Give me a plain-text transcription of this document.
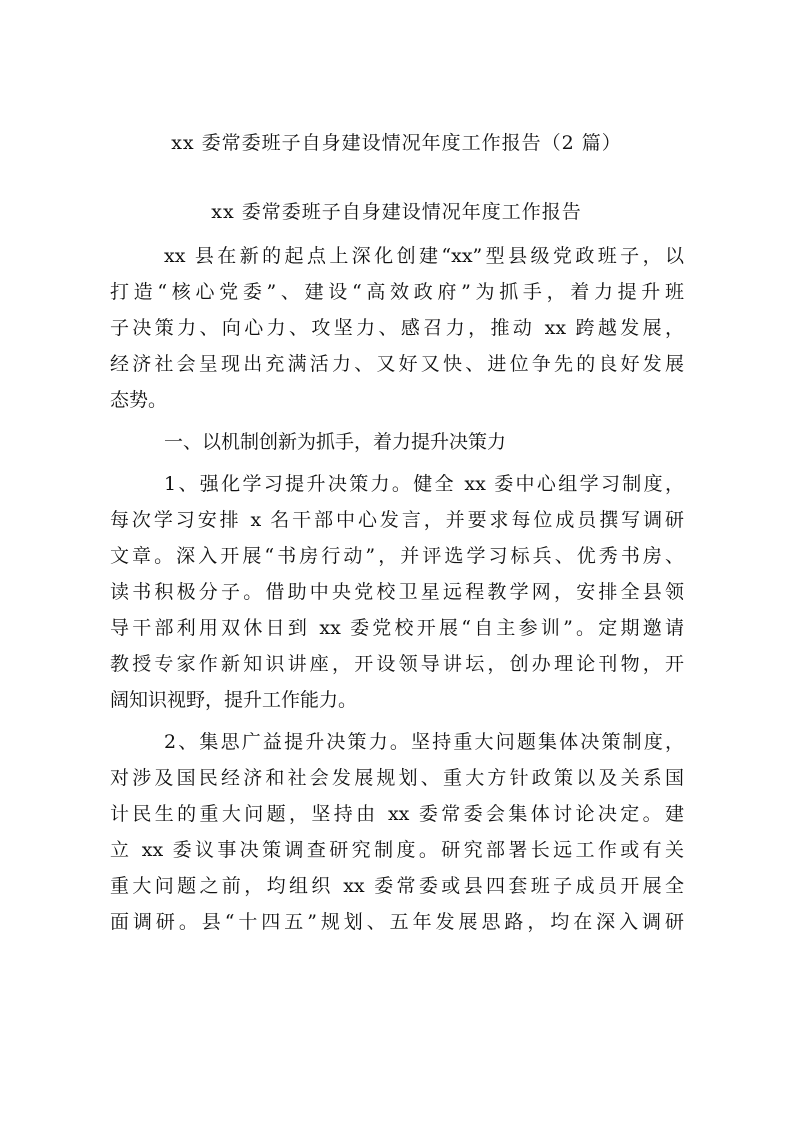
xx 委常委班子自身建设情况年度工作报告（2 篇）
xx 委常委班子自身建设情况年度工作报告
xx 县在新的起点上深化创建“xx”型县级党政班子，以
打造“核心党委”、建设“高效政府”为抓手，着力提升班
子决策力、向心力、攻坚力、感召力，推动 xx 跨越发展，
经济社会呈现出充满活力、又好又快、进位争先的良好发展
态势。
一、以机制创新为抓手，着力提升决策力
1、强化学习提升决策力。健全 xx 委中心组学习制度，
每次学习安排 x 名干部中心发言，并要求每位成员撰写调研
文章。深入开展“书房行动”，并评选学习标兵、优秀书房、
读书积极分子。借助中央党校卫星远程教学网，安排全县领
导干部利用双休日到 xx 委党校开展“自主参训”。定期邀请
教授专家作新知识讲座，开设领导讲坛，创办理论刊物，开
阔知识视野，提升工作能力。
2、集思广益提升决策力。坚持重大问题集体决策制度，
对涉及国民经济和社会发展规划、重大方针政策以及关系国
计民生的重大问题，坚持由 xx 委常委会集体讨论决定。建
立 xx 委议事决策调查研究制度。研究部署长远工作或有关
重大问题之前，均组织 xx 委常委或县四套班子成员开展全
面调研。县“十四五”规划、五年发展思路，均在深入调研
